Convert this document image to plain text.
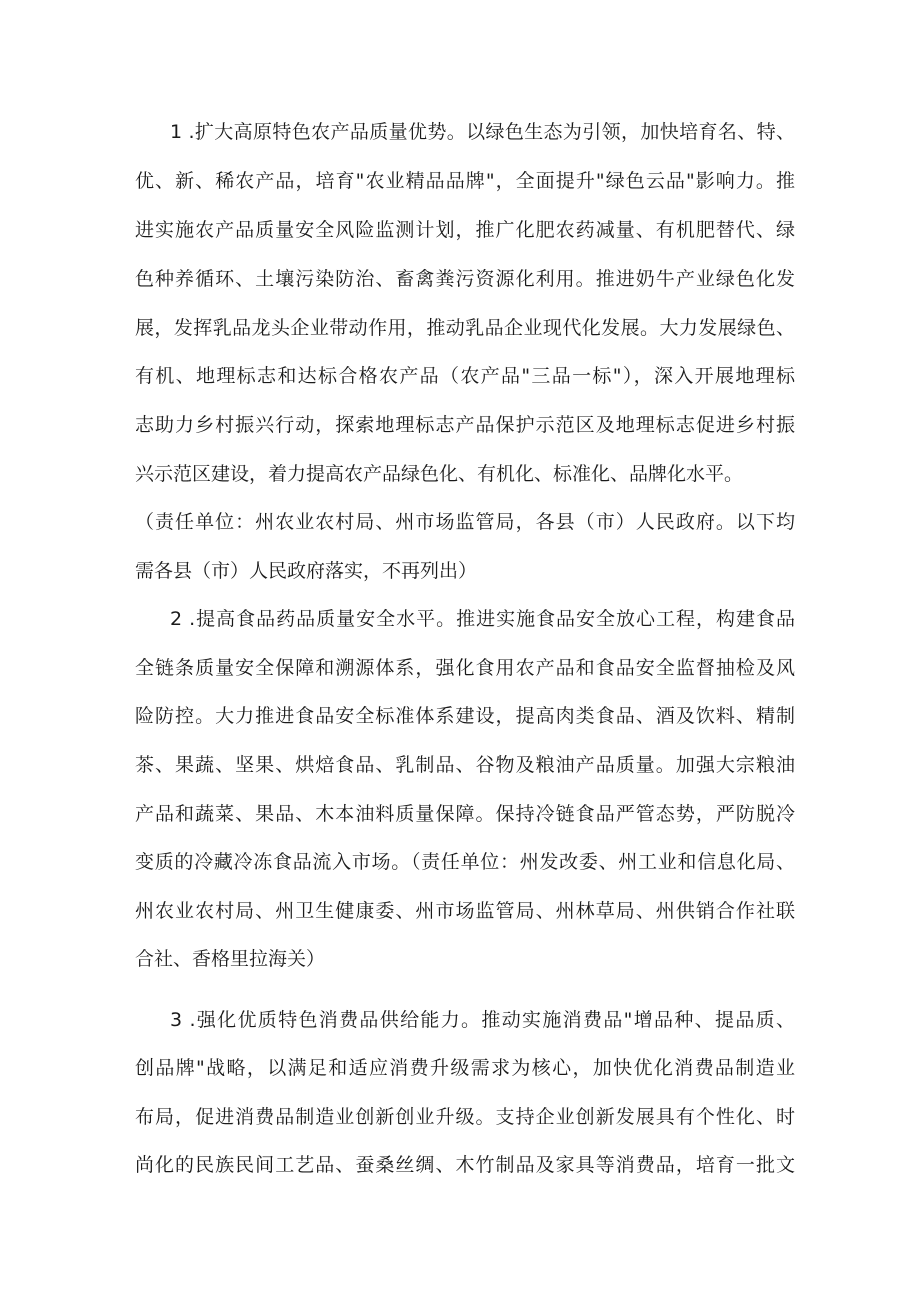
1 .扩大高原特色农产品质量优势。以绿色生态为引领，加快培育名、特、
优、新、稀农产品，培育"农业精品品牌"，全面提升"绿色云品"影响力。推
进实施农产品质量安全风险监测计划，推广化肥农药减量、有机肥替代、绿
色种养循环、土壤污染防治、畜禽粪污资源化利用。推进奶牛产业绿色化发
展，发挥乳品龙头企业带动作用，推动乳品企业现代化发展。大力发展绿色、
有机、地理标志和达标合格农产品（农产品"三品一标"），深入开展地理标
志助力乡村振兴行动，探索地理标志产品保护示范区及地理标志促进乡村振
兴示范区建设，着力提高农产品绿色化、有机化、标准化、品牌化水平。
（责任单位：州农业农村局、州市场监管局，各县（市）人民政府。以下均
需各县（市）人民政府落实，不再列出）
2 .提高食品药品质量安全水平。推进实施食品安全放心工程，构建食品
全链条质量安全保障和溯源体系，强化食用农产品和食品安全监督抽检及风
险防控。大力推进食品安全标准体系建设，提高肉类食品、酒及饮料、精制
茶、果蔬、坚果、烘焙食品、乳制品、谷物及粮油产品质量。加强大宗粮油
产品和蔬菜、果品、木本油料质量保障。保持冷链食品严管态势，严防脱冷
变质的冷藏冷冻食品流入市场。（责任单位：州发改委、州工业和信息化局、
州农业农村局、州卫生健康委、州市场监管局、州林草局、州供销合作社联
合社、香格里拉海关）
3 .强化优质特色消费品供给能力。推动实施消费品"增品种、提品质、
创品牌"战略，以满足和适应消费升级需求为核心，加快优化消费品制造业
布局，促进消费品制造业创新创业升级。支持企业创新发展具有个性化、时
尚化的民族民间工艺品、蚕桑丝绸、木竹制品及家具等消费品，培育一批文
